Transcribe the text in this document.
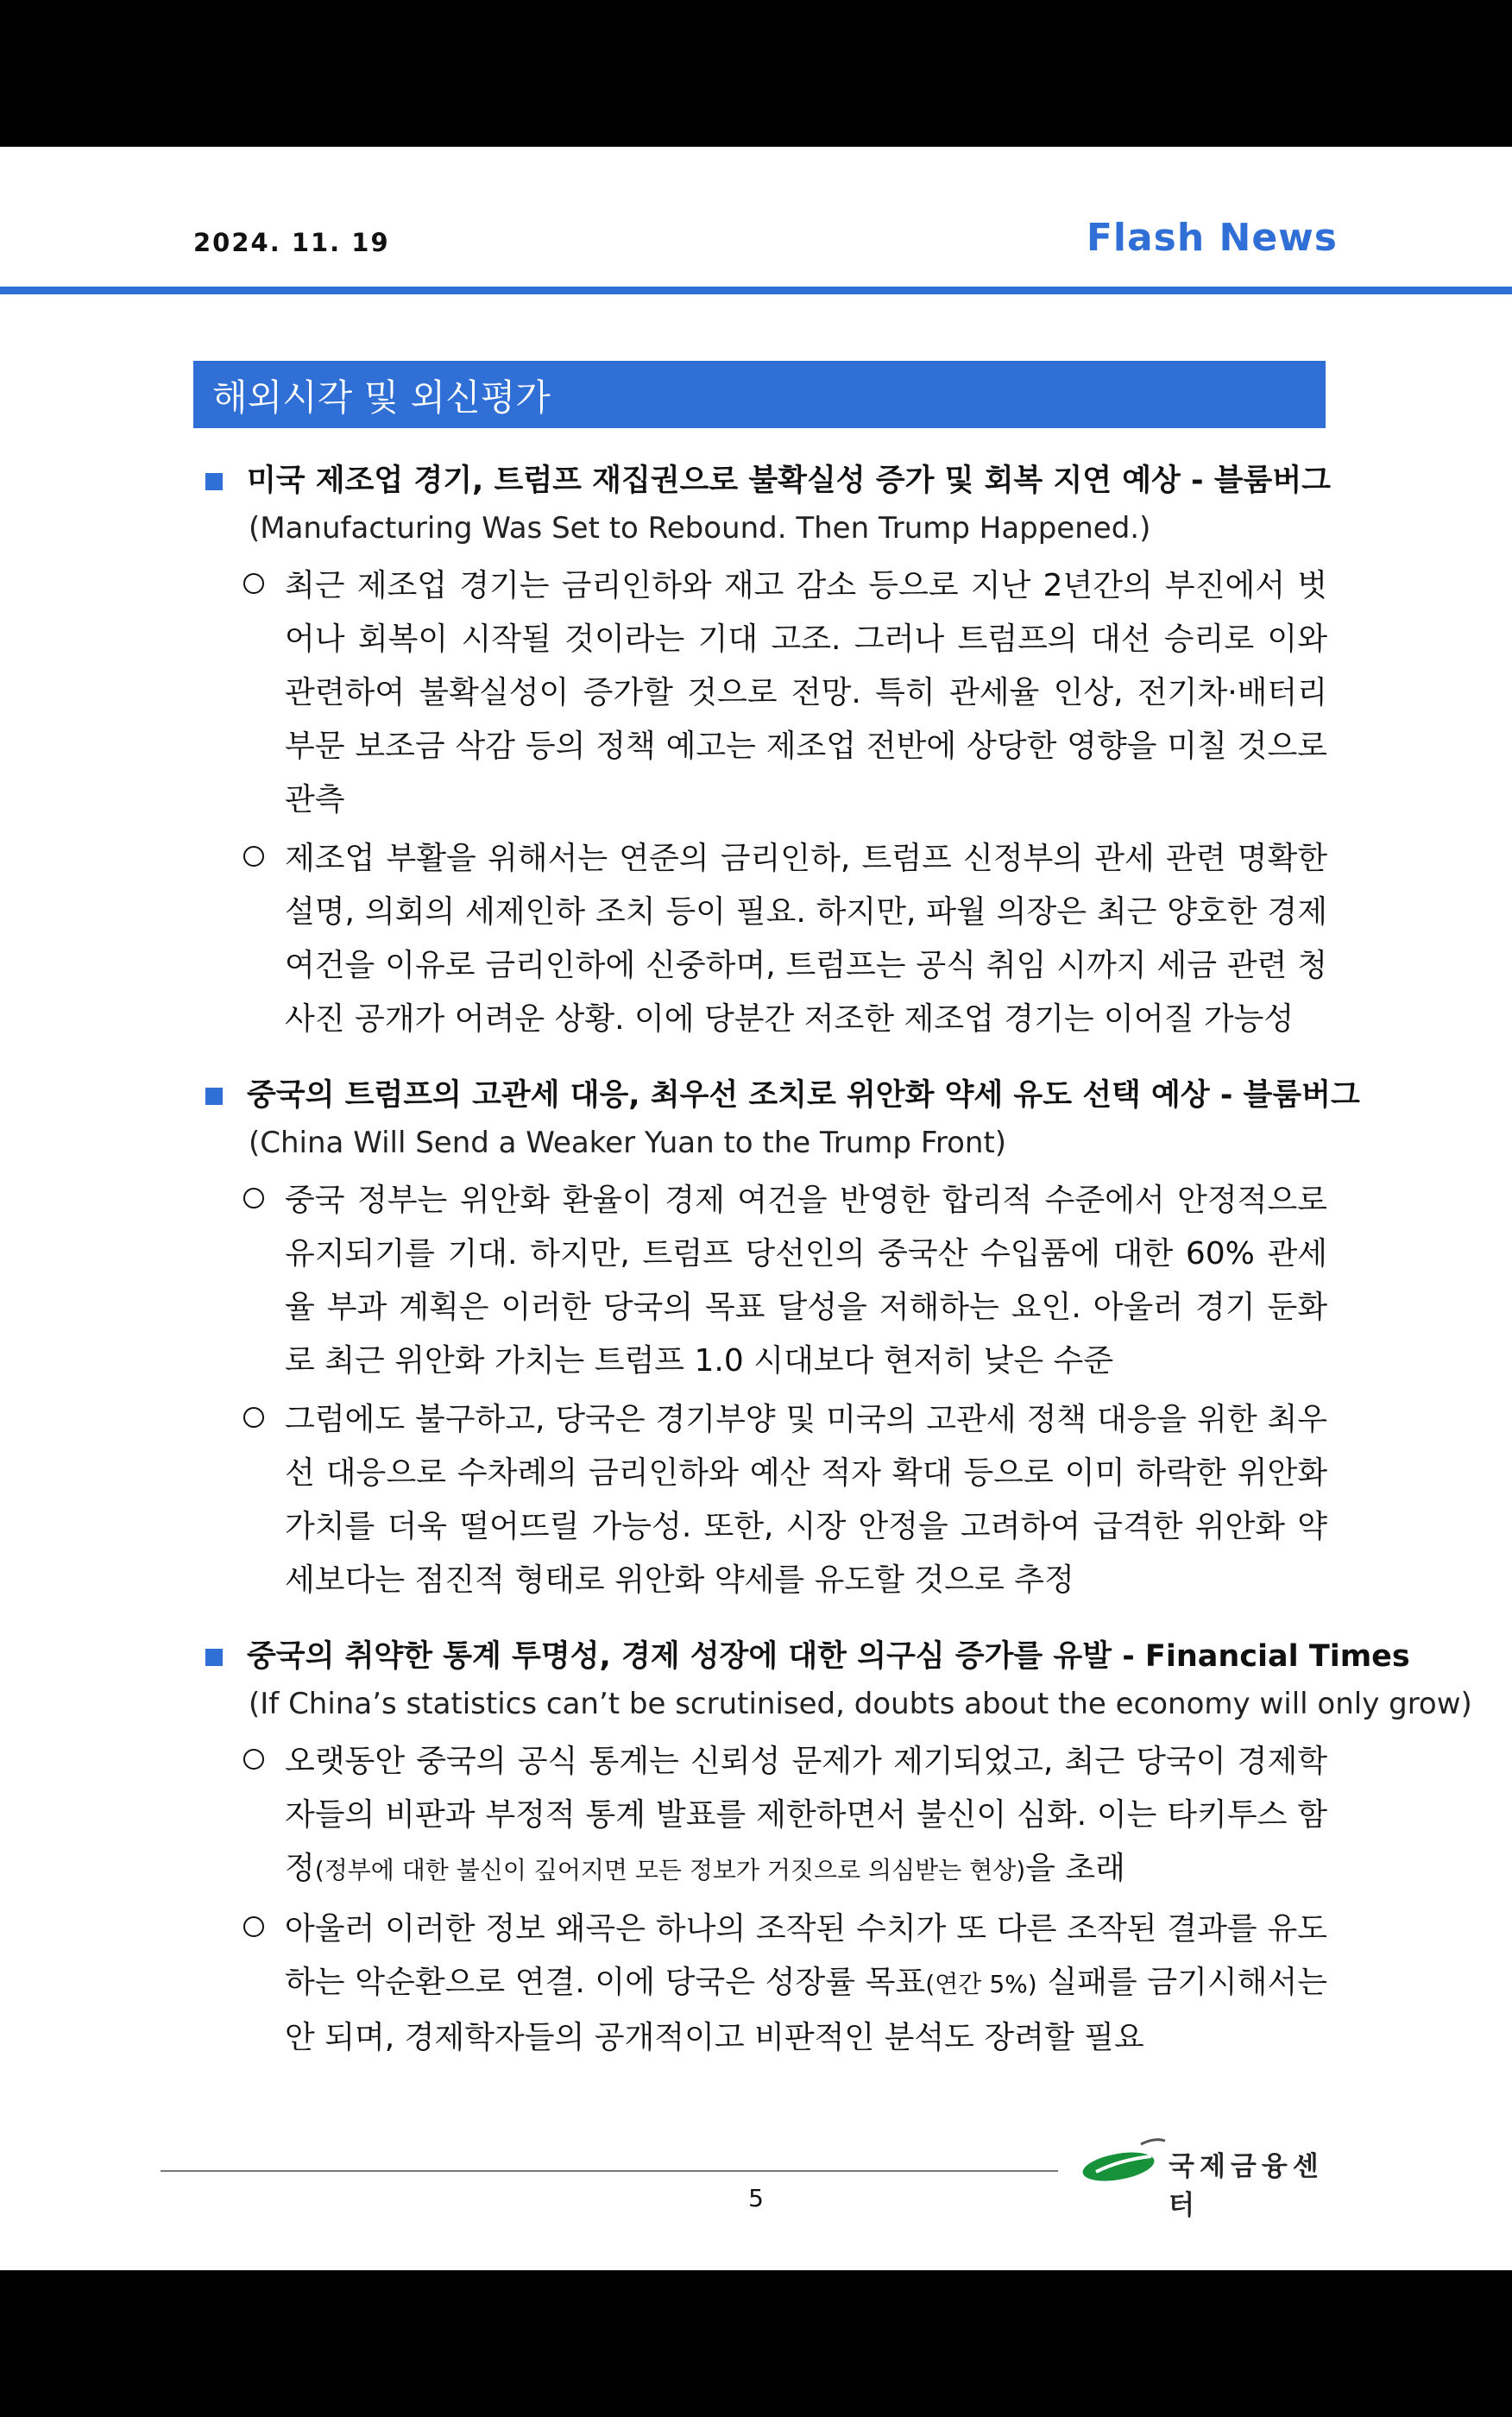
2024. 11. 19	Flash News
해외시각 및 외신평가
미국 제조업 경기, 트럼프 재집권으로 불확실성 증가 및 회복 지연 예상 - 블룸버그
(Manufacturing Was Set to Rebound. Then Trump Happened.)
최근 제조업 경기는 금리인하와 재고 감소 등으로 지난 2년간의 부진에서 벗어나 회복이 시작될 것이라는 기대 고조. 그러나 트럼프의 대선 승리로 이와 관련하여 불확실성이 증가할 것으로 전망. 특히 관세율 인상, 전기차·배터리 부문 보조금 삭감 등의 정책 예고는 제조업 전반에 상당한 영향을 미칠 것으로 관측
제조업 부활을 위해서는 연준의 금리인하, 트럼프 신정부의 관세 관련 명확한 설명, 의회의 세제인하 조치 등이 필요. 하지만, 파월 의장은 최근 양호한 경제 여건을 이유로 금리인하에 신중하며, 트럼프는 공식 취임 시까지 세금 관련 청사진 공개가 어려운 상황. 이에 당분간 저조한 제조업 경기는 이어질 가능성
중국의 트럼프의 고관세 대응, 최우선 조치로 위안화 약세 유도 선택 예상 - 블룸버그
(China Will Send a Weaker Yuan to the Trump Front)
중국 정부는 위안화 환율이 경제 여건을 반영한 합리적 수준에서 안정적으로 유지되기를 기대. 하지만, 트럼프 당선인의 중국산 수입품에 대한 60% 관세율 부과 계획은 이러한 당국의 목표 달성을 저해하는 요인. 아울러 경기 둔화로 최근 위안화 가치는 트럼프 1.0 시대보다 현저히 낮은 수준
그럼에도 불구하고, 당국은 경기부양 및 미국의 고관세 정책 대응을 위한 최우선 대응으로 수차례의 금리인하와 예산 적자 확대 등으로 이미 하락한 위안화 가치를 더욱 떨어뜨릴 가능성. 또한, 시장 안정을 고려하여 급격한 위안화 약세보다는 점진적 형태로 위안화 약세를 유도할 것으로 추정
중국의 취약한 통계 투명성, 경제 성장에 대한 의구심 증가를 유발 - Financial Times
(If China’s statistics can’t be scrutinised, doubts about the economy will only grow)
오랫동안 중국의 공식 통계는 신뢰성 문제가 제기되었고, 최근 당국이 경제학자들의 비판과 부정적 통계 발표를 제한하면서 불신이 심화. 이는 타키투스 함정(정부에 대한 불신이 깊어지면 모든 정보가 거짓으로 의심받는 현상)을 초래
아울러 이러한 정보 왜곡은 하나의 조작된 수치가 또 다른 조작된 결과를 유도하는 악순환으로 연결. 이에 당국은 성장률 목표(연간 5%) 실패를 금기시해서는 안 되며, 경제학자들의 공개적이고 비판적인 분석도 장려할 필요
국제금융센터
5
